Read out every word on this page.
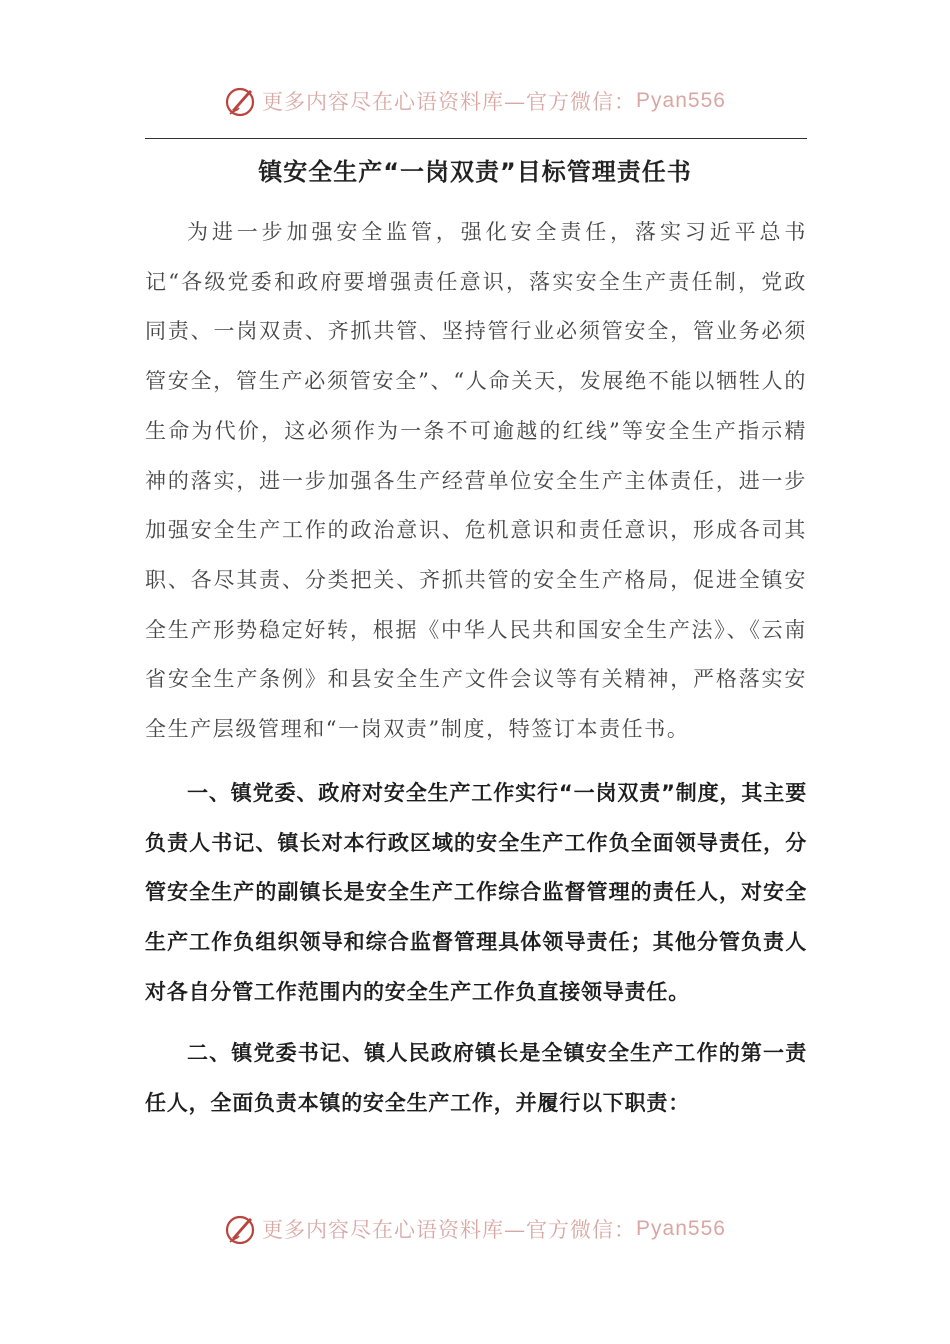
更多内容尽在心语资料库—官方微信： Pyan556
镇安全生产“一岗双责”目标管理责任书

为进一步加强安全监管，强化安全责任，落实习近平总书记“各级党委和政府要增强责任意识，落实安全生产责任制，党政同责、一岗双责、齐抓共管、坚持管行业必须管安全，管业务必须管安全，管生产必须管安全”、“人命关天，发展绝不能以牺牲人的生命为代价，这必须作为一条不可逾越的红线”等安全生产指示精神的落实，进一步加强各生产经营单位安全生产主体责任，进一步加强安全生产工作的政治意识、危机意识和责任意识，形成各司其职、各尽其责、分类把关、齐抓共管的安全生产格局，促进全镇安全生产形势稳定好转，根据《中华人民共和国安全生产法》、《云南省安全生产条例》和县安全生产文件会议等有关精神，严格落实安全生产层级管理和“一岗双责”制度，特签订本责任书。

一、镇党委、政府对安全生产工作实行“一岗双责”制度，其主要负责人书记、镇长对本行政区域的安全生产工作负全面领导责任，分管安全生产的副镇长是安全生产工作综合监督管理的责任人，对安全生产工作负组织领导和综合监督管理具体领导责任；其他分管负责人对各自分管工作范围内的安全生产工作负直接领导责任。

二、镇党委书记、镇人民政府镇长是全镇安全生产工作的第一责任人，全面负责本镇的安全生产工作，并履行以下职责：

更多内容尽在心语资料库—官方微信： Pyan556
